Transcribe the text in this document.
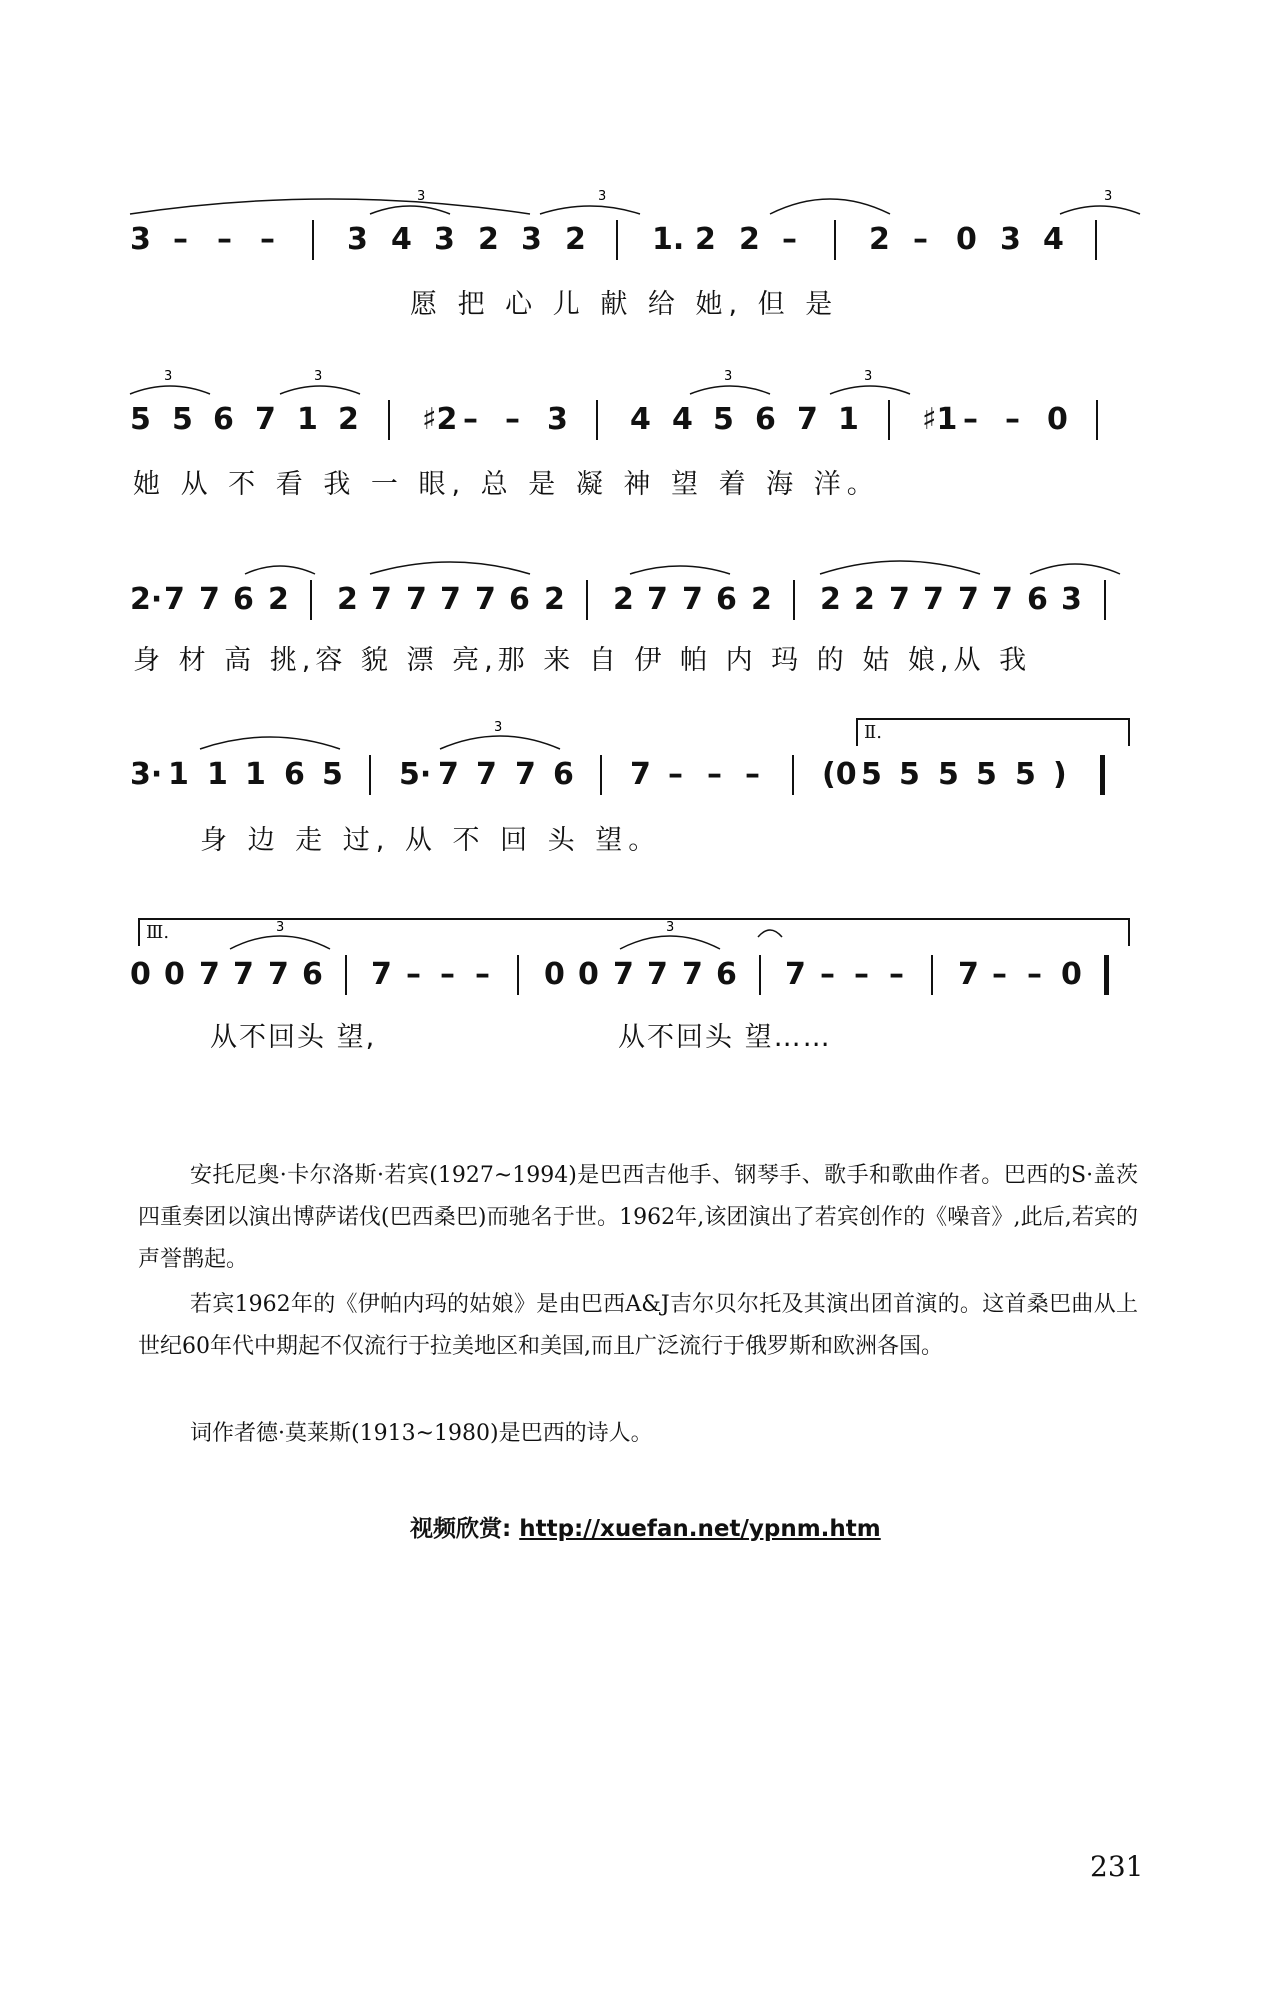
3	3	3
3 – – – 3 4 3 2 3 2 1. 2 2 – 2 – 0 3 4
愿 把 心 儿 献 给 她, 但 是
3	3	3	3
5 5 6 7 1 2 ♯2 – – 3 4 4 5 6 7 1 ♯1 – – 0
她 从 不 看 我 一 眼, 总 是 凝 神 望 着 海 洋。
2· 7 7 6 2 2 7 7 7 7 6 2 2 7 7 6 2 2 2 7 7 7 7 6 3
身 材 高 挑,容 貌 漂 亮,那 来 自 伊 帕 内 玛 的 姑 娘,从 我
Ⅱ.
3
3· 1 1 1 6 5 5· 7 7 7 6 7 – – – (0 5 5 5 5 5 )
身 边 走 过, 从 不 回 头 望。
Ⅲ.	3	3
0 0 7 7 7 6 7 – – – 0 0 7 7 7 6 7 – – – 7 – – 0
从不回头 望,	从不回头 望……

安托尼奥·卡尔洛斯·若宾(1927~1994)是巴西吉他手、钢琴手、歌手和歌曲作者。巴西的S·盖茨四重奏团以演出博萨诺伐(巴西桑巴)而驰名于世。1962年,该团演出了若宾创作的《噪音》,此后,若宾的声誉鹊起。

若宾1962年的《伊帕内玛的姑娘》是由巴西A&J吉尔贝尔托及其演出团首演的。这首桑巴曲从上世纪60年代中期起不仅流行于拉美地区和美国,而且广泛流行于俄罗斯和欧洲各国。

词作者德·莫莱斯(1913~1980)是巴西的诗人。

视频欣赏: http://xuefan.net/ypnm.htm
231
